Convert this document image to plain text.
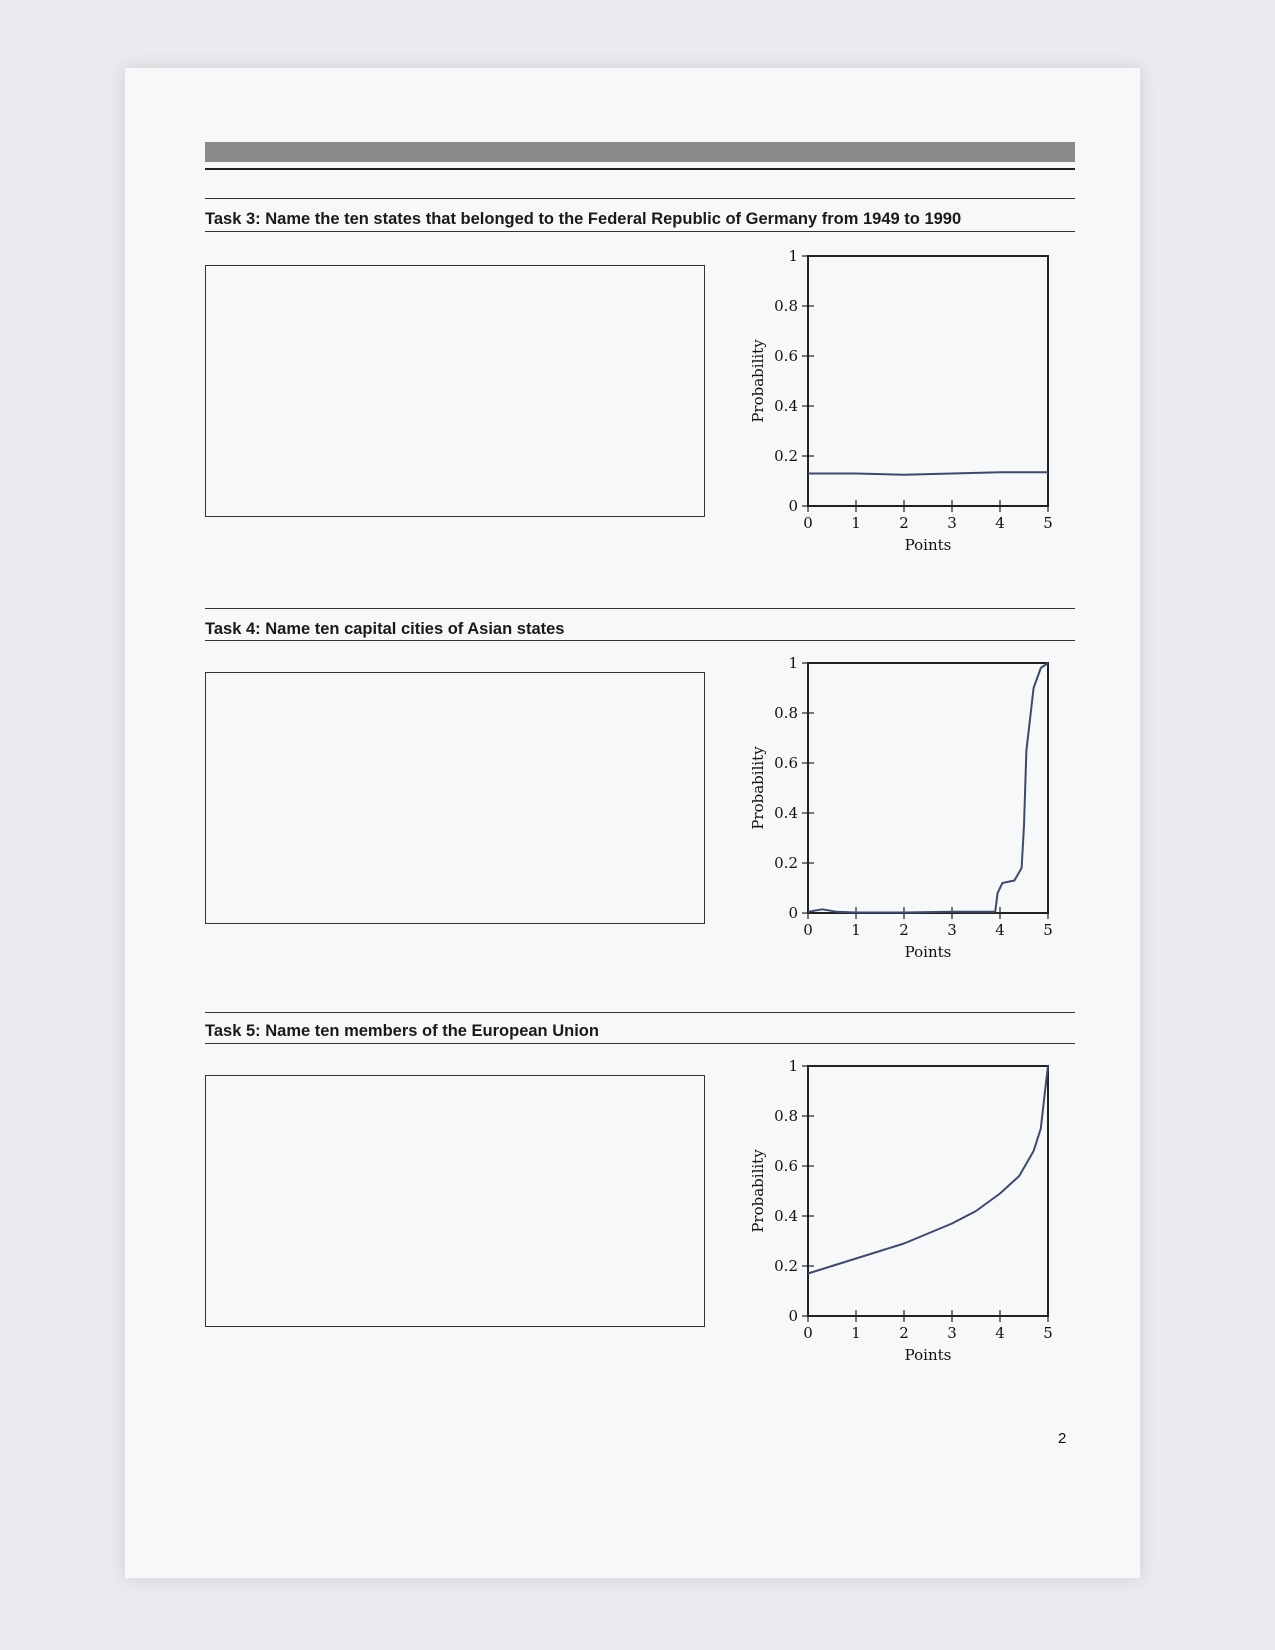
Task 3: Name the ten states that belonged to the Federal Republic of Germany from 1949 to 1990
0
0.2
0.4
0.6
0.8
1
0	1	2	3	4	5
Points
Probability
Task 4: Name ten capital cities of Asian states
0
0.2
0.4
0.6
0.8
1
0	1	2	3	4	5
Points
Probability
Task 5: Name ten members of the European Union
0
0.2
0.4
0.6
0.8
1
0	1	2	3	4	5
Points
Probability
2
